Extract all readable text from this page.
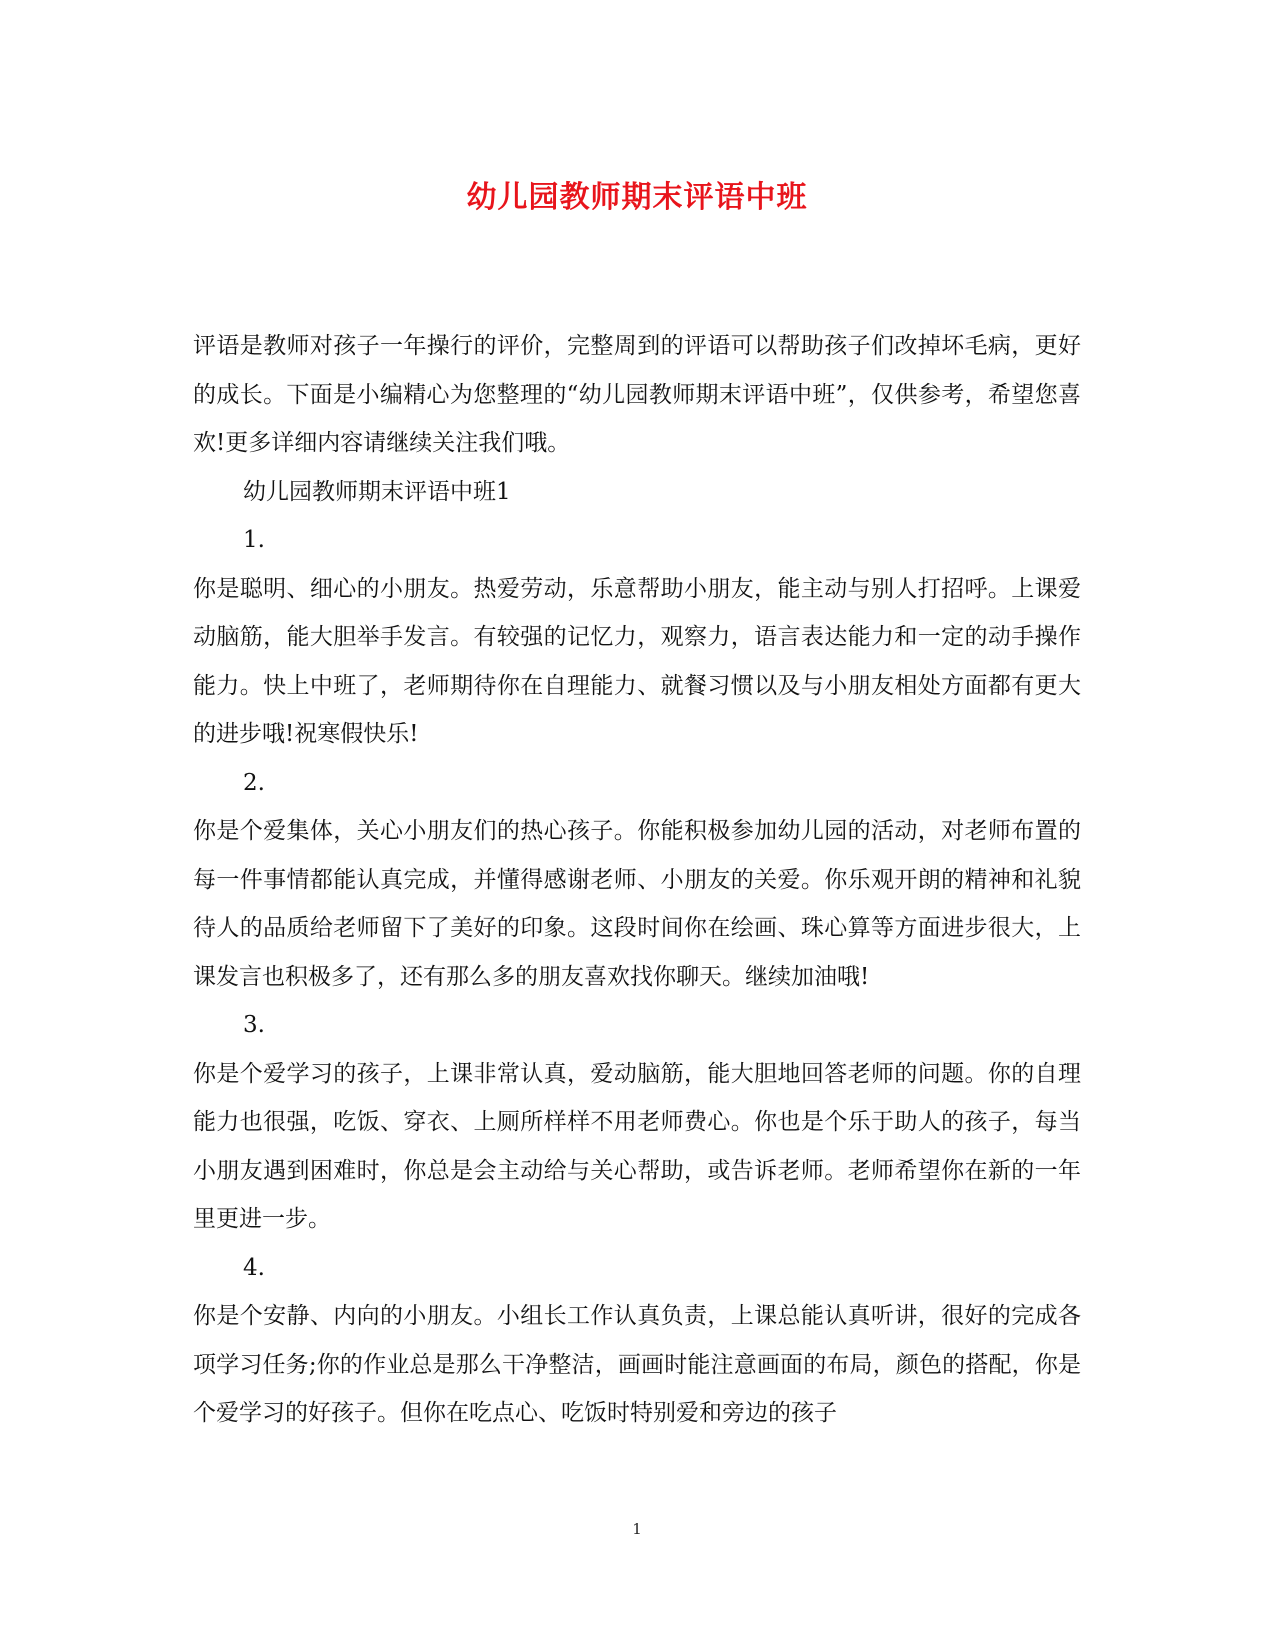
幼儿园教师期末评语中班

评语是教师对孩子一年操行的评价，完整周到的评语可以帮助孩子们改掉坏毛病，更好的成长。下面是小编精心为您整理的“幼儿园教师期末评语中班”，仅供参考，希望您喜欢!更多详细内容请继续关注我们哦。

幼儿园教师期末评语中班1

1.

你是聪明、细心的小朋友。热爱劳动，乐意帮助小朋友，能主动与别人打招呼。上课爱动脑筋，能大胆举手发言。有较强的记忆力，观察力，语言表达能力和一定的动手操作能力。快上中班了，老师期待你在自理能力、就餐习惯以及与小朋友相处方面都有更大的进步哦!祝寒假快乐!

2.

你是个爱集体，关心小朋友们的热心孩子。你能积极参加幼儿园的活动，对老师布置的每一件事情都能认真完成，并懂得感谢老师、小朋友的关爱。你乐观开朗的精神和礼貌待人的品质给老师留下了美好的印象。这段时间你在绘画、珠心算等方面进步很大，上课发言也积极多了，还有那么多的朋友喜欢找你聊天。继续加油哦!

3.

你是个爱学习的孩子，上课非常认真，爱动脑筋，能大胆地回答老师的问题。你的自理能力也很强，吃饭、穿衣、上厕所样样不用老师费心。你也是个乐于助人的孩子，每当小朋友遇到困难时，你总是会主动给与关心帮助，或告诉老师。老师希望你在新的一年里更进一步。

4.

你是个安静、内向的小朋友。小组长工作认真负责，上课总能认真听讲，很好的完成各项学习任务;你的作业总是那么干净整洁，画画时能注意画面的布局，颜色的搭配，你是个爱学习的好孩子。但你在吃点心、吃饭时特别爱和旁边的孩子

1
